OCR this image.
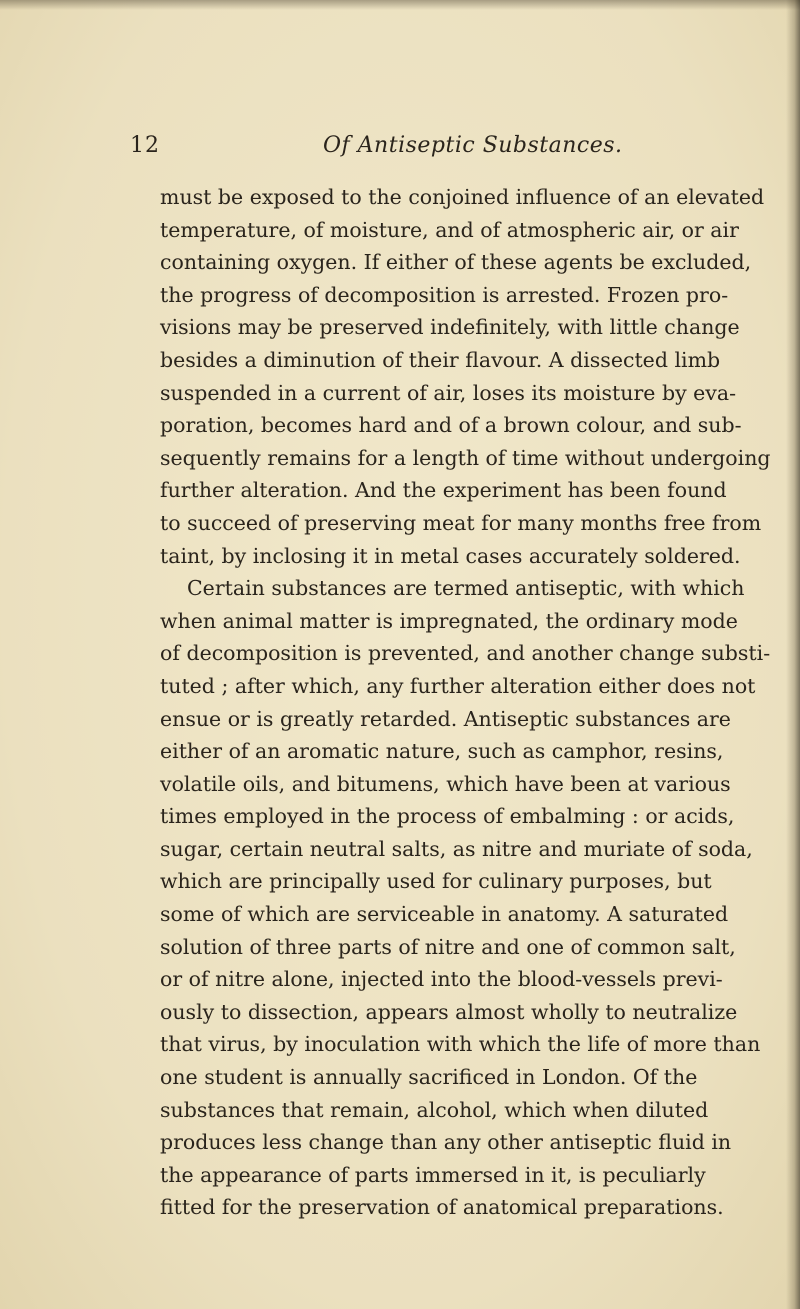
12	Of Antiseptic Substances.
must be exposed to the conjoined influence of an elevated
temperature, of moisture, and of atmospheric air, or air
containing oxygen. If either of these agents be excluded,
the progress of decomposition is arrested. Frozen pro-
visions may be preserved indefinitely, with little change
besides a diminution of their flavour. A dissected limb
suspended in a current of air, loses its moisture by eva-
poration, becomes hard and of a brown colour, and sub-
sequently remains for a length of time without undergoing
further alteration. And the experiment has been found
to succeed of preserving meat for many months free from
taint, by inclosing it in metal cases accurately soldered.
Certain substances are termed antiseptic, with which
when animal matter is impregnated, the ordinary mode
of decomposition is prevented, and another change substi-
tuted ; after which, any further alteration either does not
ensue or is greatly retarded. Antiseptic substances are
either of an aromatic nature, such as camphor, resins,
volatile oils, and bitumens, which have been at various
times employed in the process of embalming : or acids,
sugar, certain neutral salts, as nitre and muriate of soda,
which are principally used for culinary purposes, but
some of which are serviceable in anatomy. A saturated
solution of three parts of nitre and one of common salt,
or of nitre alone, injected into the blood-vessels previ-
ously to dissection, appears almost wholly to neutralize
that virus, by inoculation with which the life of more than
one student is annually sacrificed in London. Of the
substances that remain, alcohol, which when diluted
produces less change than any other antiseptic fluid in
the appearance of parts immersed in it, is peculiarly
fitted for the preservation of anatomical preparations.
